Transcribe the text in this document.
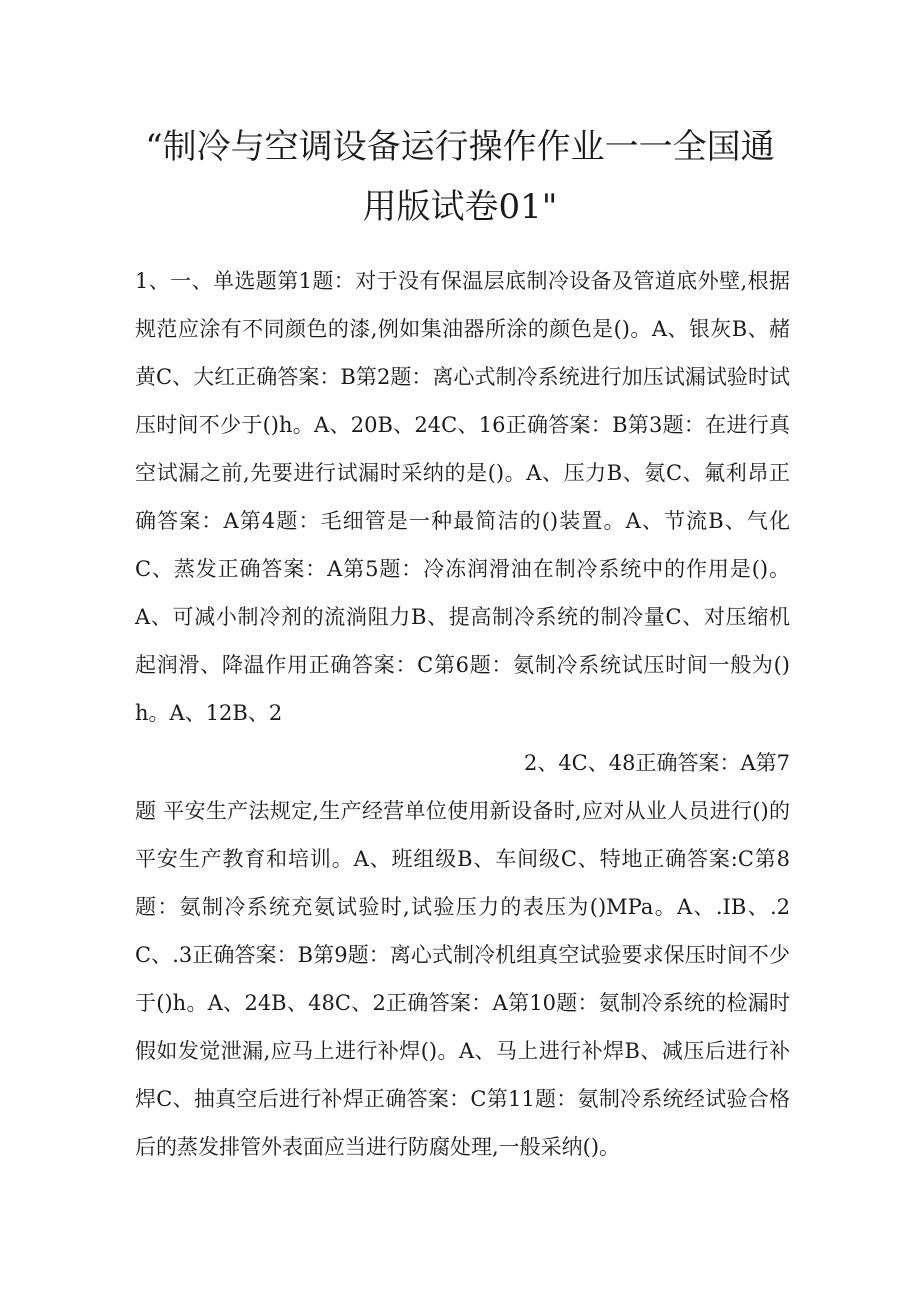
“制冷与空调设备运行操作作业一一全国通
用版试卷01"
1、一、单选题第1题：对于没有保温层底制冷设备及管道底外壁,根据规范应涂有不同颜色的漆,例如集油器所涂的颜色是()。A、银灰B、赭黄C、大红正确答案：B第2题：离心式制冷系统进行加压试漏试验时试压时间不少于()h。A、20B、24C、16正确答案：B第3题：在进行真空试漏之前,先要进行试漏时采纳的是()。A、压力B、氨C、氟利昂正确答案：A第4题：毛细管是一种最简洁的()装置。A、节流B、气化C、蒸发正确答案：A第5题：冷冻润滑油在制冷系统中的作用是()。A、可减小制冷剂的流淌阻力B、提高制冷系统的制冷量C、对压缩机起润滑、降温作用正确答案：C第6题：氨制冷系统试压时间一般为()h。A、12B、2
2、4C、48正确答案：A第7
题 平安生产法规定,生产经营单位使用新设备时,应对从业人员进行()的平安生产教育和培训。A、班组级B、车间级C、特地正确答案:C第8题：氨制冷系统充氨试验时,试验压力的表压为()MPa。A、.IB、.2C、.3正确答案：B第9题：离心式制冷机组真空试验要求保压时间不少于()h。A、24B、48C、2正确答案：A第10题：氨制冷系统的检漏时假如发觉泄漏,应马上进行补焊()。A、马上进行补焊B、减压后进行补焊C、抽真空后进行补焊正确答案：C第11题：氨制冷系统经试验合格后的蒸发排管外表面应当进行防腐处理,一般采纳()。
